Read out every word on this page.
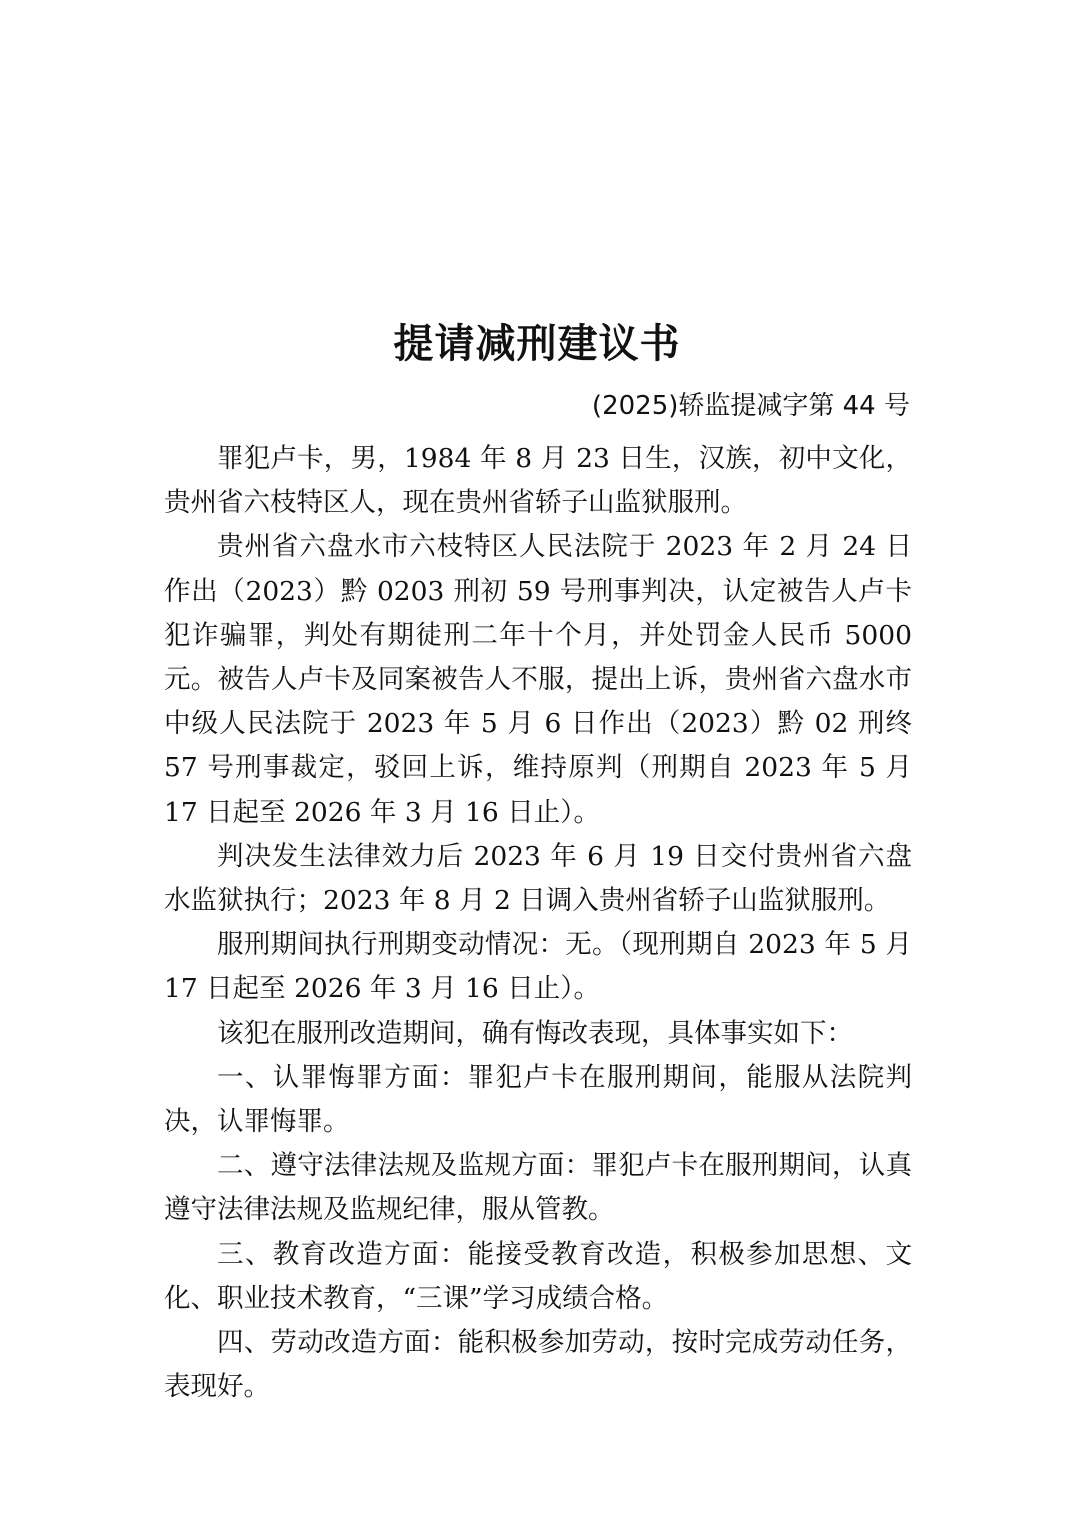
提请减刑建议书
(2025)轿监提减字第 44 号

罪犯卢卡，男，1984 年 8 月 23 日生，汉族，初中文化，贵州省六枝特区人，现在贵州省轿子山监狱服刑。

贵州省六盘水市六枝特区人民法院于 2023 年 2 月 24 日作出（2023）黔 0203 刑初 59 号刑事判决，认定被告人卢卡犯诈骗罪，判处有期徒刑二年十个月，并处罚金人民币 5000 元。被告人卢卡及同案被告人不服，提出上诉，贵州省六盘水市中级人民法院于 2023 年 5 月 6 日作出（2023）黔 02 刑终 57 号刑事裁定，驳回上诉，维持原判（刑期自 2023 年 5 月 17 日起至 2026 年 3 月 16 日止）。

判决发生法律效力后 2023 年 6 月 19 日交付贵州省六盘水监狱执行；2023 年 8 月 2 日调入贵州省轿子山监狱服刑。

服刑期间执行刑期变动情况：无。（现刑期自 2023 年 5 月 17 日起至 2026 年 3 月 16 日止）。

该犯在服刑改造期间，确有悔改表现，具体事实如下：

一、认罪悔罪方面：罪犯卢卡在服刑期间，能服从法院判决，认罪悔罪。

二、遵守法律法规及监规方面：罪犯卢卡在服刑期间，认真遵守法律法规及监规纪律，服从管教。

三、教育改造方面：能接受教育改造，积极参加思想、文化、职业技术教育，“三课”学习成绩合格。

四、劳动改造方面：能积极参加劳动，按时完成劳动任务，表现好。
